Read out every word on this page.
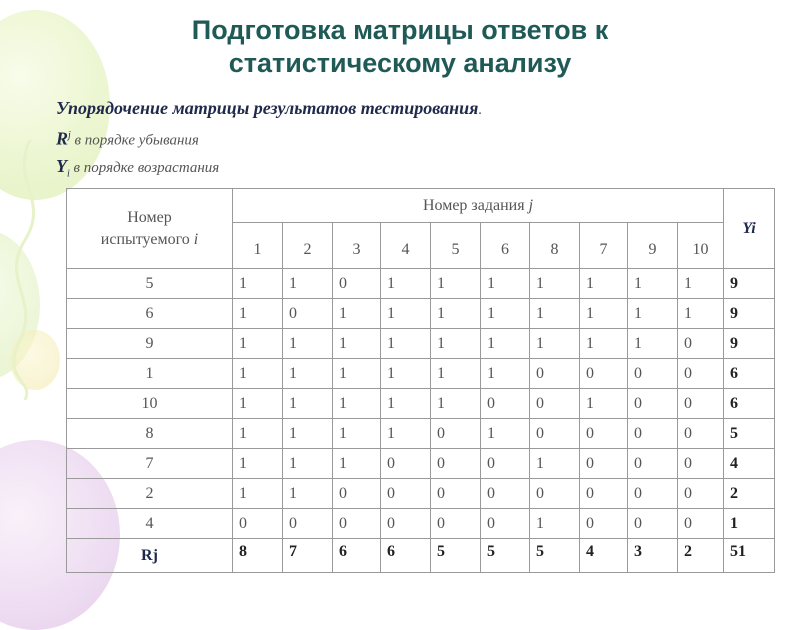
Подготовка матрицы ответов к статистическому анализу
Упорядочение матрицы результатов тестирования.
$R^j$ в порядке убывания
$Y_i$ в порядке возрастания
Номер
испытуемого i	Номер задания j										Yi
	1	2	3	4	5	6	8	7	9	10	
5	1	1	0	1	1	1	1	1	1	1	9
6	1	0	1	1	1	1	1	1	1	1	9
9	1	1	1	1	1	1	1	1	1	0	9
1	1	1	1	1	1	1	0	0	0	0	6
10	1	1	1	1	1	0	0	1	0	0	6
8	1	1	1	1	0	1	0	0	0	0	5
7	1	1	1	0	0	0	1	0	0	0	4
2	1	1	0	0	0	0	0	0	0	0	2
4	0	0	0	0	0	0	1	0	0	0	1
Rj	8	7	6	6	5	5	5	4	3	2	51
